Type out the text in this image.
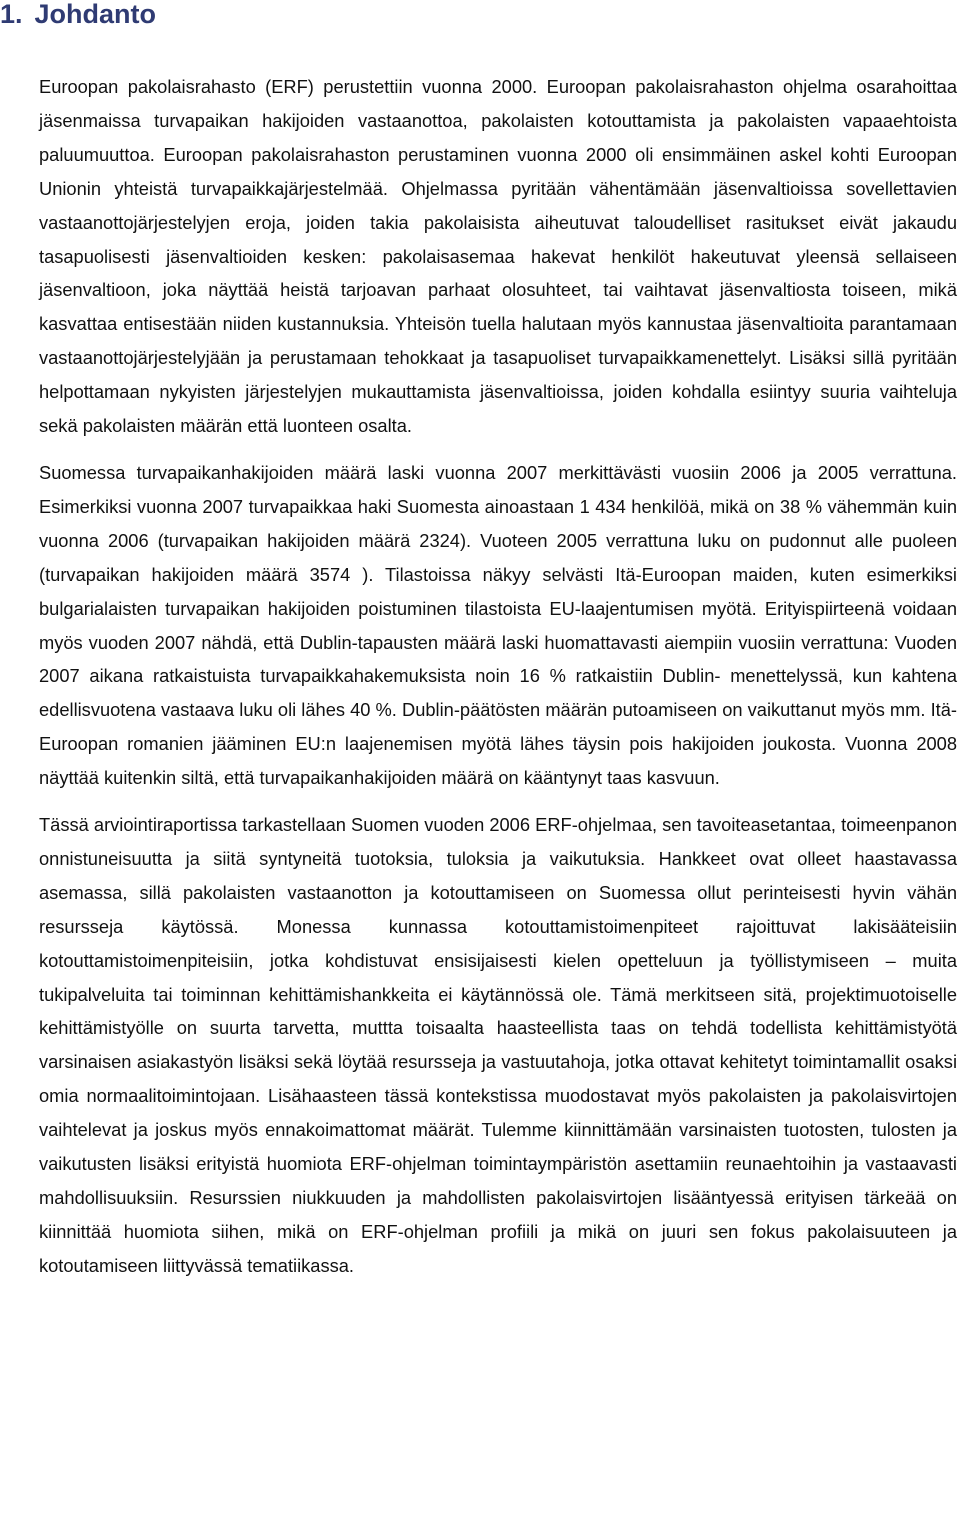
1. Johdanto

Euroopan pakolaisrahasto (ERF) perustettiin vuonna 2000. Euroopan pakolaisrahaston ohjelma osarahoittaa jäsenmaissa turvapaikan hakijoiden vastaanottoa, pakolaisten kotouttamista ja pakolaisten vapaaehtoista paluumuuttoa. Euroopan pakolaisrahaston perustaminen vuonna 2000 oli ensimmäinen askel kohti Euroopan Unionin yhteistä turvapaikkajärjestelmää. Ohjelmassa pyritään vähentämään jäsenvaltioissa sovellettavien vastaanottojärjestelyjen eroja, joiden takia pakolaisista aiheutuvat taloudelliset rasitukset eivät jakaudu tasapuolisesti jäsenvaltioiden kesken: pakolaisasemaa hakevat henkilöt hakeutuvat yleensä sellaiseen jäsenvaltioon, joka näyttää heistä tarjoavan parhaat olosuhteet, tai vaihtavat jäsenvaltiosta toiseen, mikä kasvattaa entisestään niiden kustannuksia. Yhteisön tuella halutaan myös kannustaa jäsenvaltioita parantamaan vastaanottojärjestelyjään ja perustamaan tehokkaat ja tasapuoliset turvapaikkamenettelyt. Lisäksi sillä pyritään helpottamaan nykyisten järjestelyjen mukauttamista jäsenvaltioissa, joiden kohdalla esiintyy suuria vaihteluja sekä pakolaisten määrän että luonteen osalta.

Suomessa turvapaikanhakijoiden määrä laski vuonna 2007 merkittävästi vuosiin 2006 ja 2005 verrattuna. Esimerkiksi vuonna 2007 turvapaikkaa haki Suomesta ainoastaan 1 434 henkilöä, mikä on 38 % vähemmän kuin vuonna 2006 (turvapaikan hakijoiden määrä 2324). Vuoteen 2005 verrattuna luku on pudonnut alle puoleen (turvapaikan hakijoiden määrä 3574 ). Tilastoissa näkyy selvästi Itä-Euroopan maiden, kuten esimerkiksi bulgarialaisten turvapaikan hakijoiden poistuminen tilastoista EU-laajentumisen myötä. Erityispiirteenä voidaan myös vuoden 2007 nähdä, että Dublin-tapausten määrä laski huomattavasti aiempiin vuosiin verrattuna: Vuoden 2007 aikana ratkaistuista turvapaikkahakemuksista noin 16 % ratkaistiin Dublin- menettelyssä, kun kahtena edellisvuotena vastaava luku oli lähes 40 %. Dublin-päätösten määrän putoamiseen on vaikuttanut myös mm. Itä-Euroopan romanien jääminen EU:n laajenemisen myötä lähes täysin pois hakijoiden joukosta. Vuonna 2008 näyttää kuitenkin siltä, että turvapaikanhakijoiden määrä on kääntynyt taas kasvuun.

Tässä arviointiraportissa tarkastellaan Suomen vuoden 2006 ERF-ohjelmaa, sen tavoiteasetantaa, toimeenpanon onnistuneisuutta ja siitä syntyneitä tuotoksia, tuloksia ja vaikutuksia. Hankkeet ovat olleet haastavassa asemassa, sillä pakolaisten vastaanotton ja kotouttamiseen on Suomessa ollut perinteisesti hyvin vähän resursseja käytössä. Monessa kunnassa kotouttamistoimenpiteet rajoittuvat lakisääteisiin kotouttamistoimenpiteisiin, jotka kohdistuvat ensisijaisesti kielen opetteluun ja työllistymiseen – muita tukipalveluita tai toiminnan kehittämishankkeita ei käytännössä ole. Tämä merkitseen sitä, projektimuotoiselle kehittämistyölle on suurta tarvetta, muttta toisaalta haasteellista taas on tehdä todellista kehittämistyötä varsinaisen asiakastyön lisäksi sekä löytää resursseja ja vastuutahoja, jotka ottavat kehitetyt toimintamallit osaksi omia normaalitoimintojaan. Lisähaasteen tässä kontekstissa muodostavat myös pakolaisten ja pakolaisvirtojen vaihtelevat ja joskus myös ennakoimattomat määrät. Tulemme kiinnittämään varsinaisten tuotosten, tulosten ja vaikutusten lisäksi erityistä huomiota ERF-ohjelman toimintaympäristön asettamiin reunaehtoihin ja vastaavasti mahdollisuuksiin. Resurssien niukkuuden ja mahdollisten pakolaisvirtojen lisääntyessä erityisen tärkeää on kiinnittää huomiota siihen, mikä on ERF-ohjelman profiili ja mikä on juuri sen fokus pakolaisuuteen ja kotoutamiseen liittyvässä tematiikassa.
